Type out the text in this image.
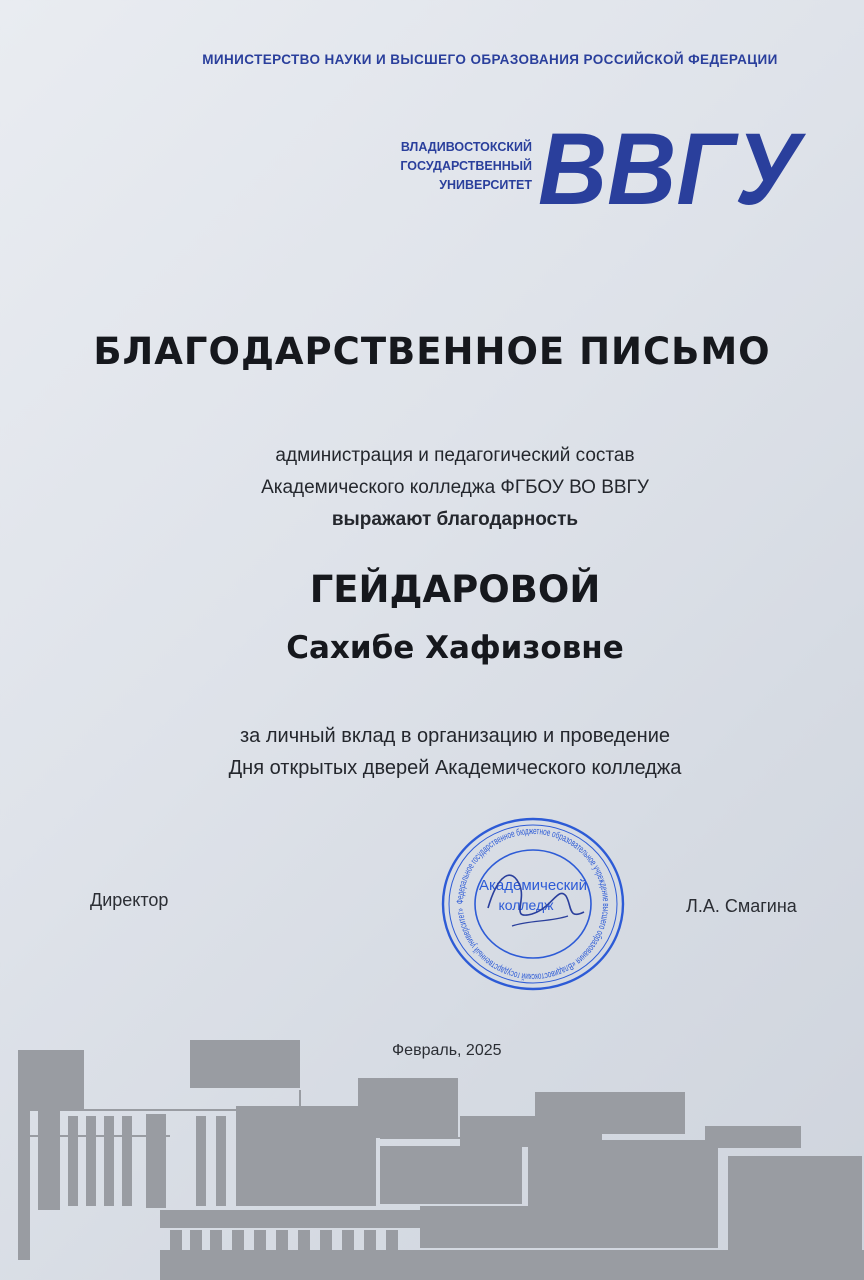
МИНИСТЕРСТВО НАУКИ И ВЫСШЕГО ОБРАЗОВАНИЯ РОССИЙСКОЙ ФЕДЕРАЦИИ
ВЛАДИВОСТОКСКИЙ
ГОСУДАРСТВЕННЫЙ
УНИВЕРСИТЕТ ВВГУ
БЛАГОДАРСТВЕННОЕ ПИСЬМО
администрация и педагогический состав
Академического колледжа ФГБОУ ВО ВВГУ
выражают благодарность
ГЕЙДАРОВОЙ
Сахибе Хафизовне
за личный вклад в организацию и проведение
Дня открытых дверей Академического колледжа
Директор	Федеральное государственное бюджетное образовательное учреждение высшего образования «Владивостокский государственный университет»
Академический
колледж	Л.А. Смагина
Февраль, 2025
